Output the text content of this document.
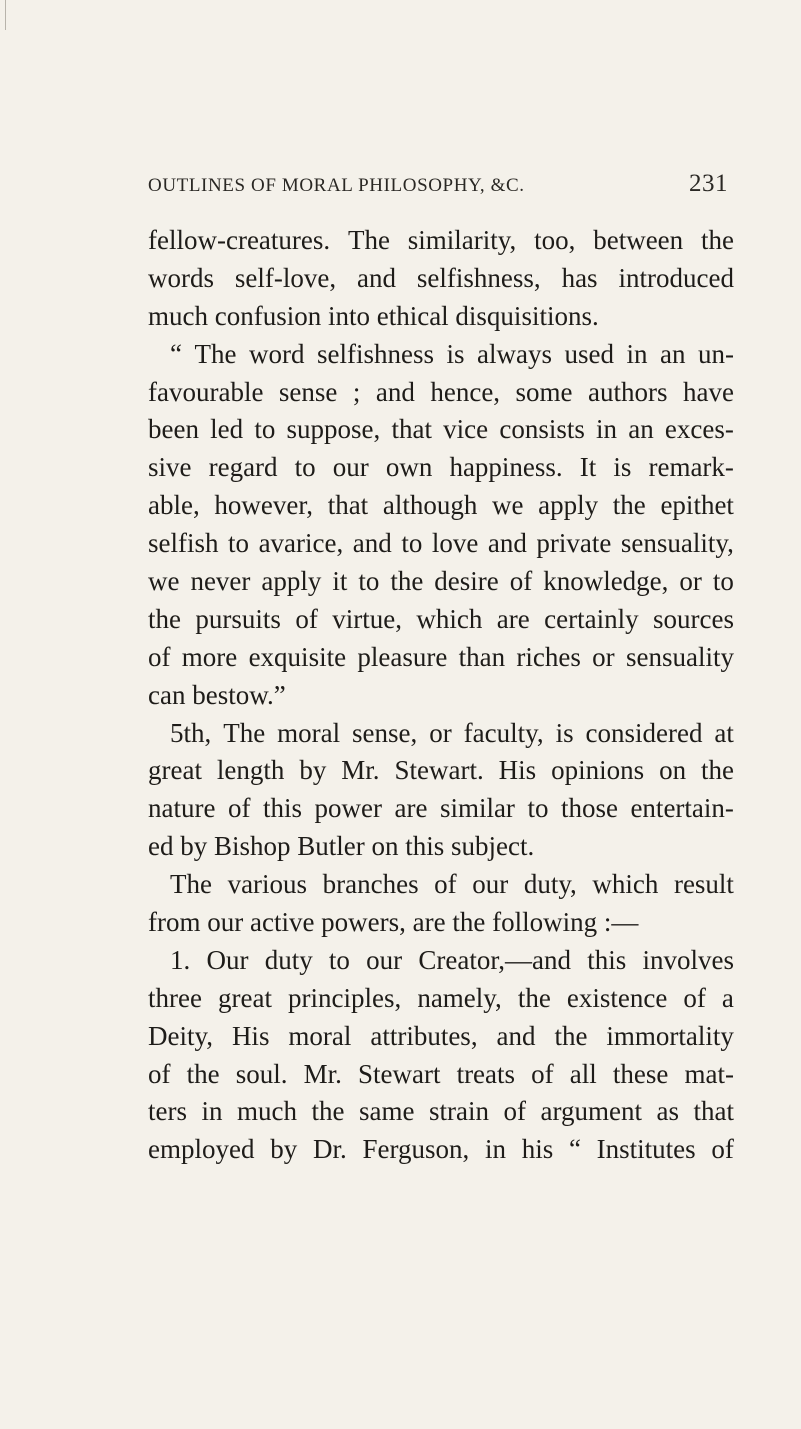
OUTLINES OF MORAL PHILOSOPHY, &C.	231
fellow-creatures. The similarity, too, between the
words self-love, and selfishness, has introduced
much confusion into ethical disquisitions.
“ The word selfishness is always used in an un-
favourable sense ; and hence, some authors have
been led to suppose, that vice consists in an exces-
sive regard to our own happiness. It is remark-
able, however, that although we apply the epithet
selfish to avarice, and to love and private sensuality,
we never apply it to the desire of knowledge, or to
the pursuits of virtue, which are certainly sources
of more exquisite pleasure than riches or sensuality
can bestow.”
5th, The moral sense, or faculty, is considered at
great length by Mr. Stewart. His opinions on the
nature of this power are similar to those entertain-
ed by Bishop Butler on this subject.
The various branches of our duty, which result
from our active powers, are the following :—
1. Our duty to our Creator,—and this involves
three great principles, namely, the existence of a
Deity, His moral attributes, and the immortality
of the soul. Mr. Stewart treats of all these mat-
ters in much the same strain of argument as that
employed by Dr. Ferguson, in his “ Institutes of
